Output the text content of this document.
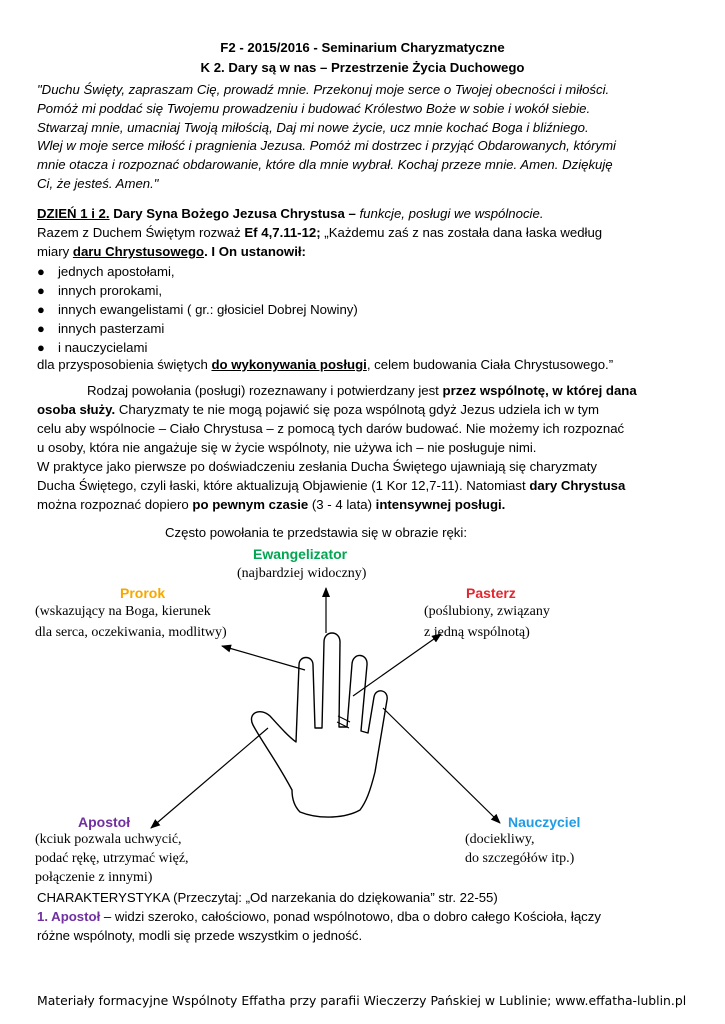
F2 - 2015/2016 - Seminarium Charyzmatyczne
K 2. Dary są w nas – Przestrzenie Życia Duchowego
"Duchu Święty, zapraszam Cię, prowadź mnie. Przekonuj moje serce o Twojej obecności i miłości.
Pomóż mi poddać się Twojemu prowadzeniu i budować Królestwo Boże w sobie i wokół siebie.
Stwarzaj mnie, umacniaj Twoją miłością, Daj mi nowe życie, ucz mnie kochać Boga i bliźniego.
Wlej w moje serce miłość i pragnienia Jezusa. Pomóż mi dostrzec i przyjąć Obdarowanych, którymi
mnie otacza i rozpoznać obdarowanie, które dla mnie wybrał. Kochaj przeze mnie. Amen. Dziękuję
Ci, że jesteś. Amen."
DZIEŃ 1 i 2. Dary Syna Bożego Jezusa Chrystusa – funkcje, posługi we wspólnocie.
Razem z Duchem Świętym rozważ Ef 4,7.11-12; „Każdemu zaś z nas została dana łaska według
miary daru Chrystusowego. I On ustanowił:
● jednych apostołami,
● innych prorokami,
● innych ewangelistami ( gr.: głosiciel Dobrej Nowiny)
● innych pasterzami
● i nauczycielami
dla przysposobienia świętych do wykonywania posługi, celem budowania Ciała Chrystusowego.”
Rodzaj powołania (posługi) rozeznawany i potwierdzany jest przez wspólnotę, w której dana
osoba służy. Charyzmaty te nie mogą pojawić się poza wspólnotą gdyż Jezus udziela ich w tym
celu aby wspólnocie – Ciało Chrystusa – z pomocą tych darów budować. Nie możemy ich rozpoznać
u osoby, która nie angażuje się w życie wspólnoty, nie używa ich – nie posługuje nimi.
W praktyce jako pierwsze po doświadczeniu zesłania Ducha Świętego ujawniają się charyzmaty
Ducha Świętego, czyli łaski, które aktualizują Objawienie (1 Kor 12,7-11). Natomiast dary Chrystusa
można rozpoznać dopiero po pewnym czasie (3 - 4 lata) intensywnej posługi.
Często powołania te przedstawia się w obrazie ręki:
Ewangelizator
(najbardziej widoczny)
Prorok
(wskazujący na Boga, kierunek
dla serca, oczekiwania, modlitwy)
Pasterz
(poślubiony, związany
z jedną wspólnotą)
Apostoł
(kciuk pozwala uchwycić,
podać rękę, utrzymać więź,
połączenie z innymi)
Nauczyciel
(dociekliwy,
do szczegółów itp.)
CHARAKTERYSTYKA (Przeczytaj: „Od narzekania do dziękowania” str. 22-55)
1. Apostoł – widzi szeroko, całościowo, ponad wspólnotowo, dba o dobro całego Kościoła, łączy
różne wspólnoty, modli się przede wszystkim o jedność.
Materiały formacyjne Wspólnoty Effatha przy parafii Wieczerzy Pańskiej w Lublinie; www.effatha-lublin.pl
